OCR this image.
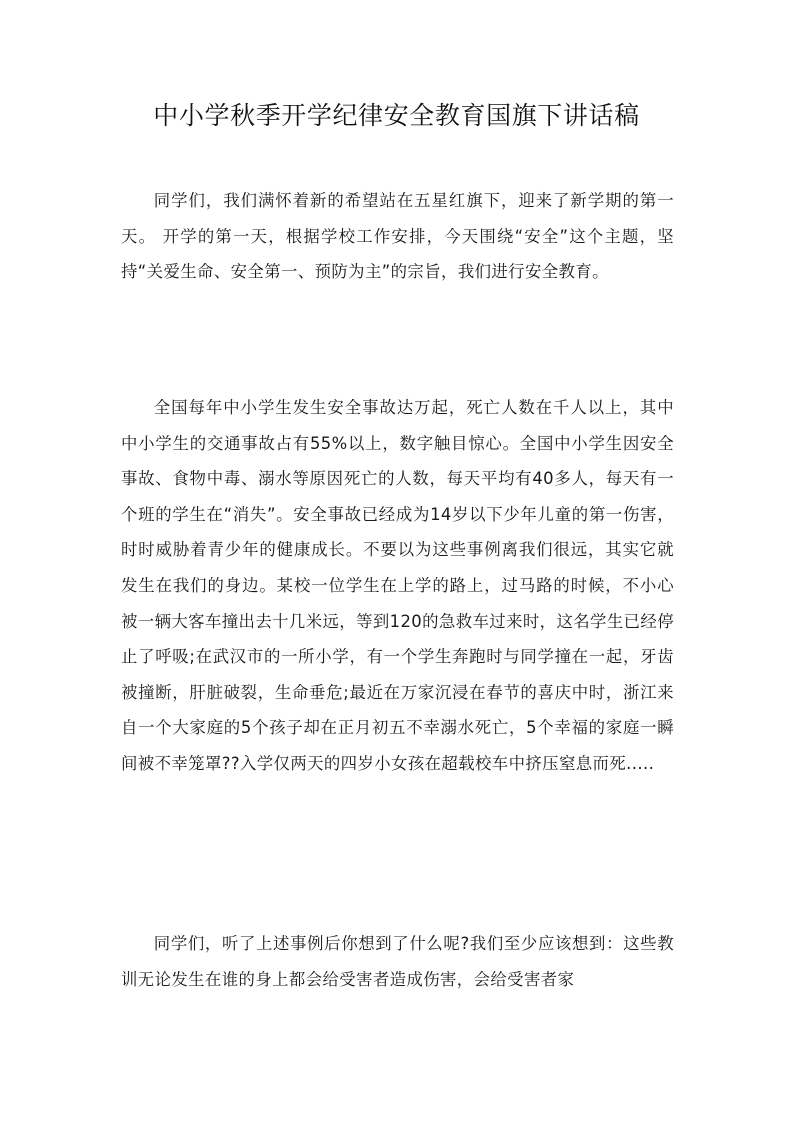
中小学秋季开学纪律安全教育国旗下讲话稿

同学们，我们满怀着新的希望站在五星红旗下，迎来了新学期的第一天。 开学的第一天，根据学校工作安排，今天围绕“安全”这个主题，坚持“关爱生命、安全第一、预防为主”的宗旨，我们进行安全教育。

全国每年中小学生发生安全事故达万起，死亡人数在千人以上，其中中小学生的交通事故占有55%以上，数字触目惊心。全国中小学生因安全事故、食物中毒、溺水等原因死亡的人数，每天平均有40多人，每天有一个班的学生在“消失”。安全事故已经成为14岁以下少年儿童的第一伤害，时时威胁着青少年的健康成长。不要以为这些事例离我们很远，其实它就发生在我们的身边。某校一位学生在上学的路上，过马路的时候，不小心被一辆大客车撞出去十几米远，等到120的急救车过来时，这名学生已经停止了呼吸;在武汉市的一所小学，有一个学生奔跑时与同学撞在一起，牙齿被撞断，肝脏破裂，生命垂危;最近在万家沉浸在春节的喜庆中时，浙江来自一个大家庭的5个孩子却在正月初五不幸溺水死亡，5个幸福的家庭一瞬间被不幸笼罩??入学仅两天的四岁小女孩在超载校车中挤压窒息而死.....

同学们，听了上述事例后你想到了什么呢?我们至少应该想到：这些教训无论发生在谁的身上都会给受害者造成伤害，会给受害者家
